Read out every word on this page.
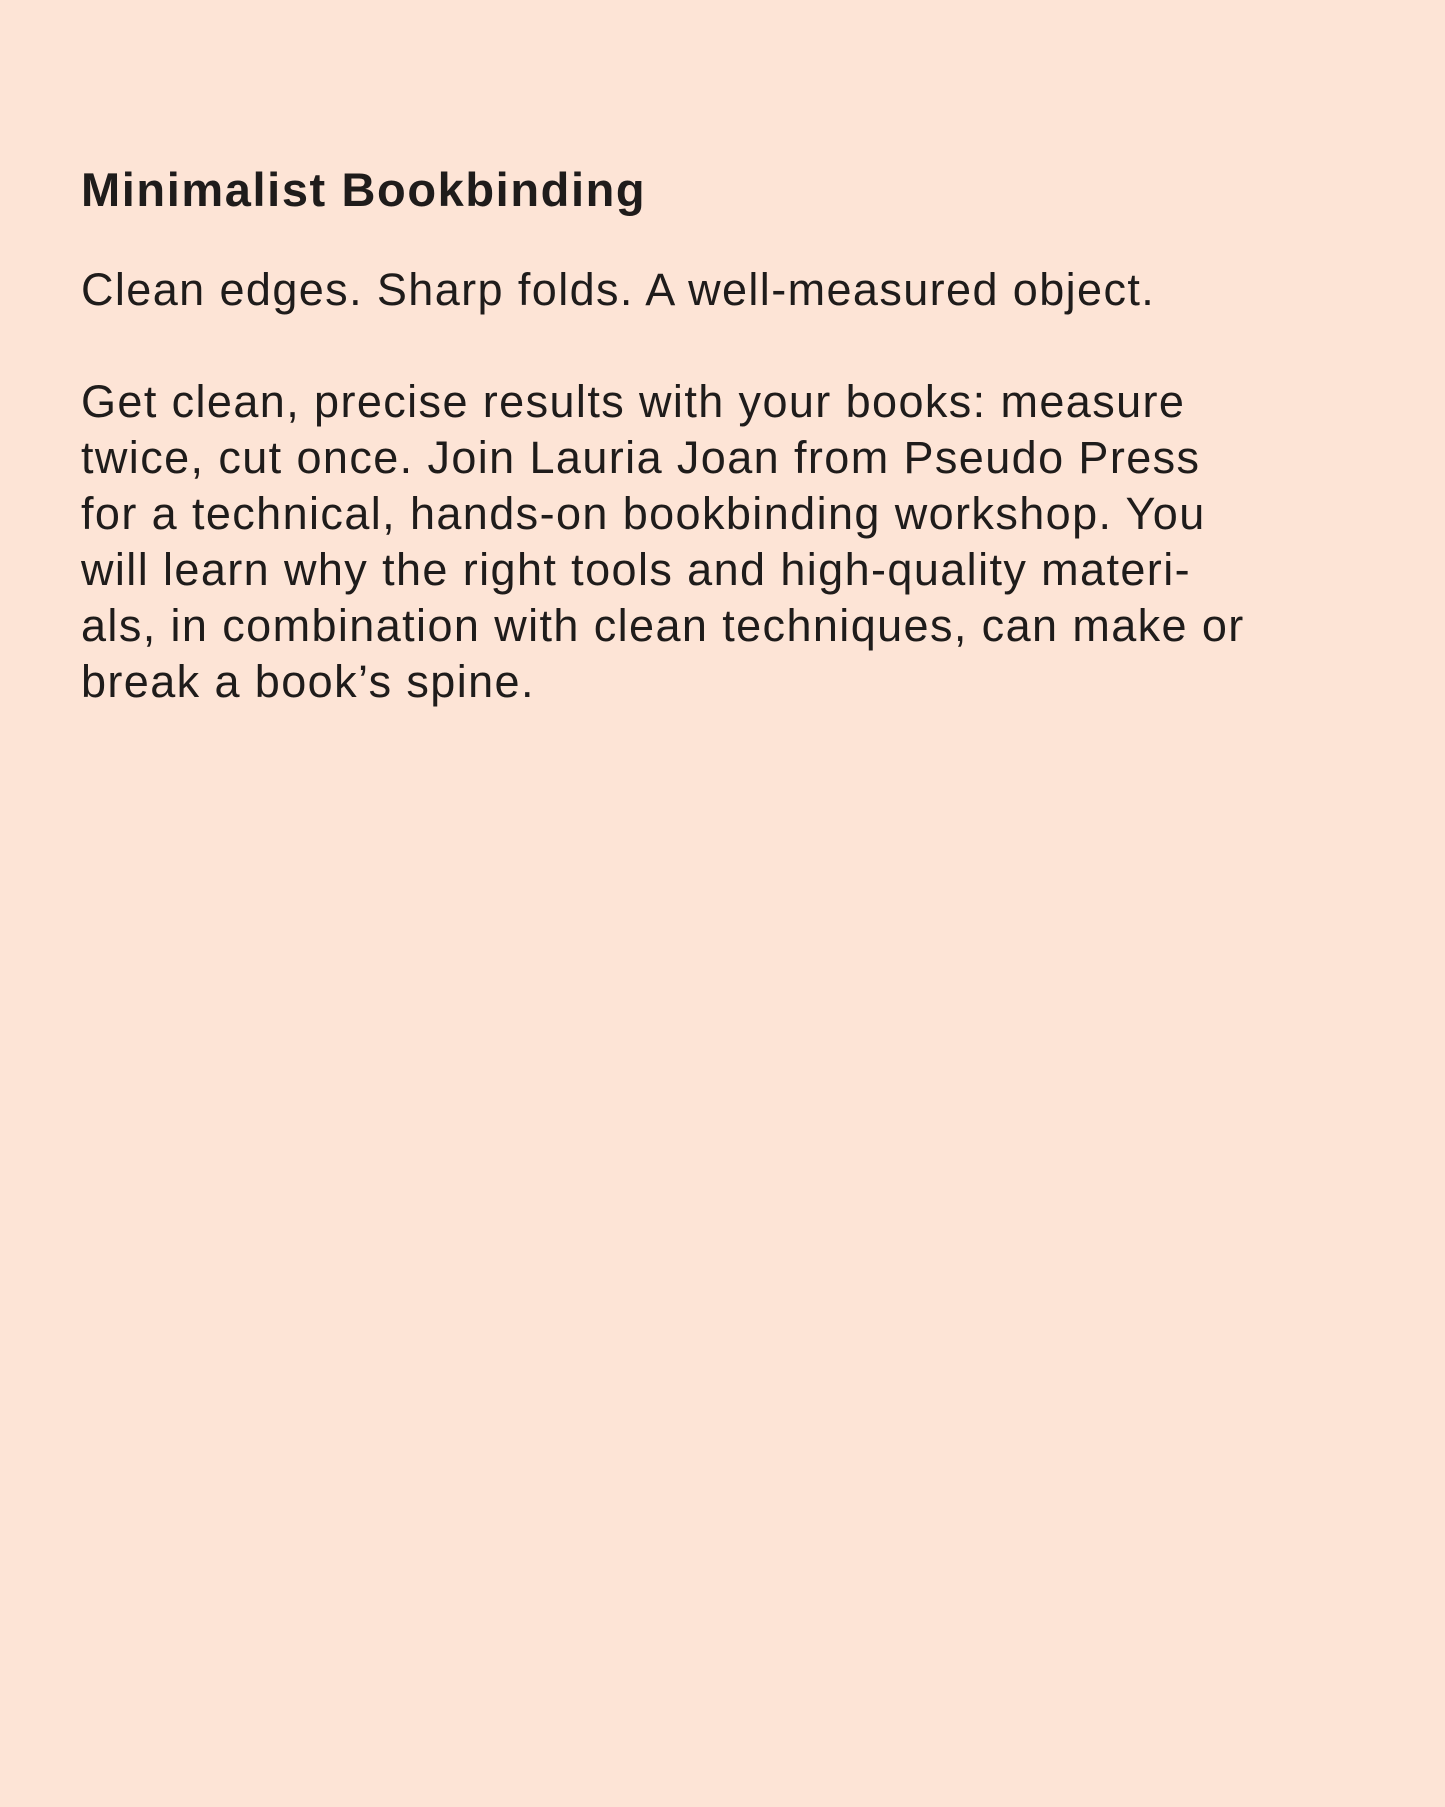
Minimalist Bookbinding

Clean edges. Sharp folds. A well-measured object.

Get clean, precise results with your books: measure
twice, cut once. Join Lauria Joan from Pseudo Press
for a technical, hands-on bookbinding workshop. You
will learn why the right tools and high-quality materi-
als, in combination with clean techniques, can make or
break a book’s spine.
